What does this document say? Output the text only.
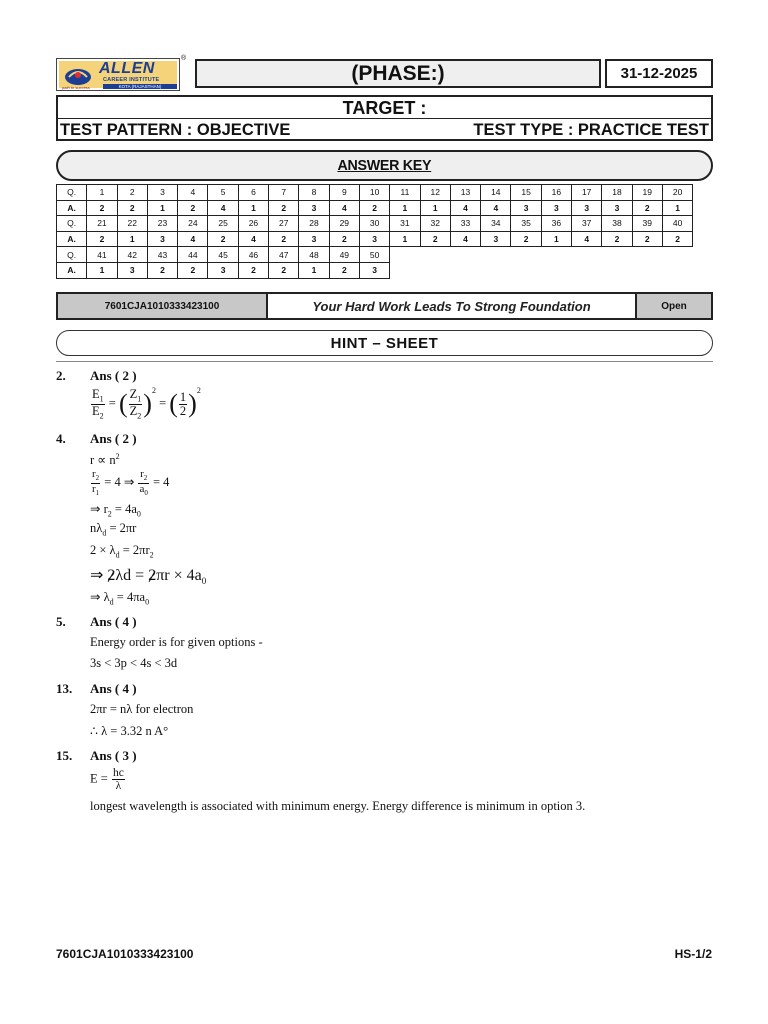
ALLEN
CAREER INSTITUTE
KOTA (RAJASTHAN)
path to success
®
(PHASE:)	31-12-2025
TARGET :
TEST PATTERN : OBJECTIVE	TEST TYPE : PRACTICE TEST
ANSWER KEY
Q.	1	2	3	4	5	6	7	8	9	10	11	12	13	14	15	16	17	18	19	20
A.	2	2	1	2	4	1	2	3	4	2	1	1	4	4	3	3	3	3	2	1
Q.	21	22	23	24	25	26	27	28	29	30	31	32	33	34	35	36	37	38	39	40
A.	2	1	3	4	2	4	2	3	2	3	1	2	4	3	2	1	4	2	2	2
Q.	41	42	43	44	45	46	47	48	49	50										
A.	1	3	2	2	3	2	2	1	2	3										
7601CJA1010333423100	Your Hard Work Leads To Strong Foundation	Open
HINT – SHEET
2. Ans ( 2 )
$\frac{E_1}{E_2}$ = ( $\frac{Z_1}{Z_2} )^2$ = ( $\frac{1}{2} )^2$
4. Ans ( 2 )
$r \propto n^2$
$\frac{r_2}{r_1} = 4$ ⇒ $\frac{r_2}{a_0} = 4$
⇒ $r_2 = 4a_0$
$n\lambda_d = 2\pi r$
$2 \times \lambda_d = 2\pi r_2$
⇒ $2\lambda d = 2\pi r \times 4a_0$
⇒ $\lambda_d = 4\pi a_0$
5. Ans ( 4 )
Energy order is for given options -
3s < 3p < 4s < 3d
13. Ans ( 4 )
2πr = nλ for electron
∴ λ = 3.32 n A°
15. Ans ( 3 )
$E = \frac{hc}{\lambda}$
longest wavelength is associated with minimum energy. Energy difference is minimum in option 3.
7601CJA1010333423100	HS-1/2
